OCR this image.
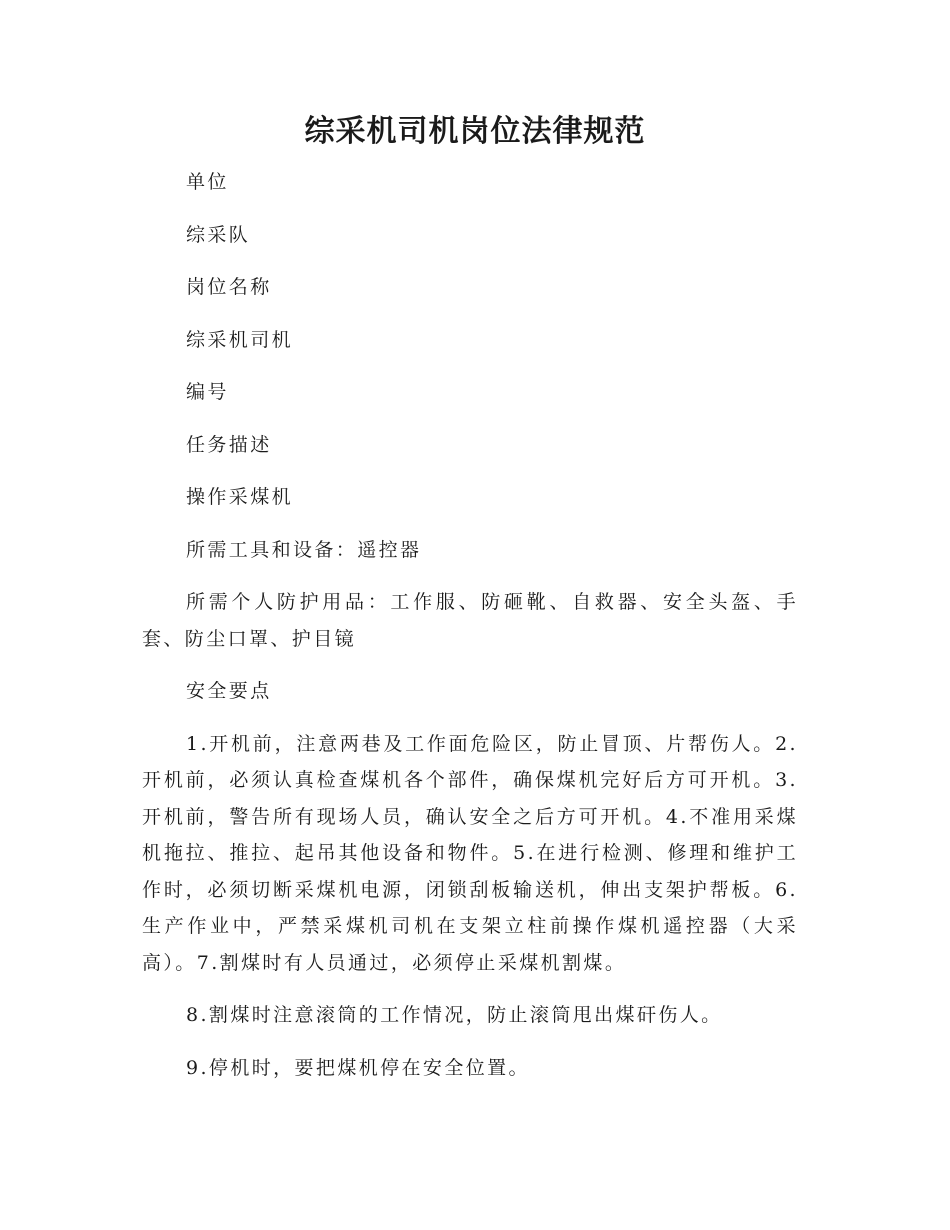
综采机司机岗位法律规范

单位

综采队

岗位名称

综采机司机

编号

任务描述

操作采煤机

所需工具和设备：遥控器

所需个人防护用品：工作服、防砸靴、自救器、安全头盔、手套、防尘口罩、护目镜

安全要点

1.开机前，注意两巷及工作面危险区，防止冒顶、片帮伤人。2.开机前，必须认真检查煤机各个部件，确保煤机完好后方可开机。3.开机前，警告所有现场人员，确认安全之后方可开机。4.不准用采煤机拖拉、推拉、起吊其他设备和物件。5.在进行检测、修理和维护工作时，必须切断采煤机电源，闭锁刮板输送机，伸出支架护帮板。6.生产作业中，严禁采煤机司机在支架立柱前操作煤机遥控器（大采高）。7.割煤时有人员通过，必须停止采煤机割煤。

8.割煤时注意滚筒的工作情况，防止滚筒甩出煤矸伤人。

9.停机时，要把煤机停在安全位置。
